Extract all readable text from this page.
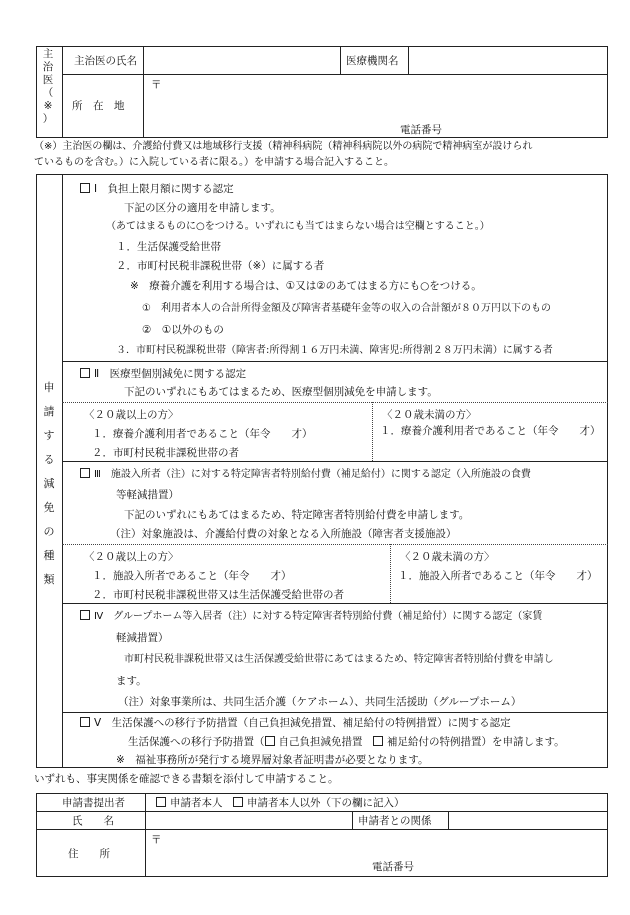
主
治
医
（
※
）
主治医の氏名	医療機関名
所　在　地
〒
電話番号
（※）主治医の欄は、介護給付費又は地域移行支援（精神科病院（精神科病院以外の病院で精神病室が設けられ
ているものを含む。）に入院している者に限る。）を申請する場合記入すること。
申
請
す
る
減
免
の
種
類
Ⅰ　負担上限月額に関する認定
下記の区分の適用を申請します。
（あてはまるものに○をつける。いずれにも当てはまらない場合は空欄とすること。）
１．生活保護受給世帯
２．市町村民税非課税世帯（※）に属する者
※　療養介護を利用する場合は、①又は②のあてはまる方にも○をつける。
①　利用者本人の合計所得金額及び障害者基礎年金等の収入の合計額が８０万円以下のもの
②　①以外のもの
３．市町村民税課税世帯（障害者:所得割１６万円未満、障害児:所得割２８万円未満）に属する者
Ⅱ　医療型個別減免に関する認定
下記のいずれにもあてはまるため、医療型個別減免を申請します。
〈２０歳以上の方〉
１．療養介護利用者であること（年令　　才）
２．市町村民税非課税世帯の者
〈２０歳未満の方〉
１．療養介護利用者であること（年令　　才）
Ⅲ　施設入所者（注）に対する特定障害者特別給付費（補足給付）に関する認定（入所施設の食費
等軽減措置）
下記のいずれにもあてはまるため、特定障害者特別給付費を申請します。
（注）対象施設は、介護給付費の対象となる入所施設（障害者支援施設）
〈２０歳以上の方〉
１．施設入所者であること（年令　　才）
２．市町村民税非課税世帯又は生活保護受給世帯の者
〈２０歳未満の方〉
１．施設入所者であること（年令　　才）
Ⅳ　グループホーム等入居者（注）に対する特定障害者特別給付費（補足給付）に関する認定（家賃
軽減措置）
市町村民税非課税世帯又は生活保護受給世帯にあてはまるため、特定障害者特別給付費を申請し
ます。
（注）対象事業所は、共同生活介護（ケアホーム）、共同生活援助（グループホーム）
Ⅴ　生活保護への移行予防措置（自己負担減免措置、補足給付の特例措置）に関する認定
生活保護への移行予防措置（ 自己負担減免措置　 補足給付の特例措置）を申請します。
※　福祉事務所が発行する境界層対象者証明書が必要となります。
いずれも、事実関係を確認できる書類を添付して申請すること。
申請書提出者	申請者本人　 申請者本人以外（下の欄に記入）
氏　　名	申請者との関係
住　　所
〒
電話番号
